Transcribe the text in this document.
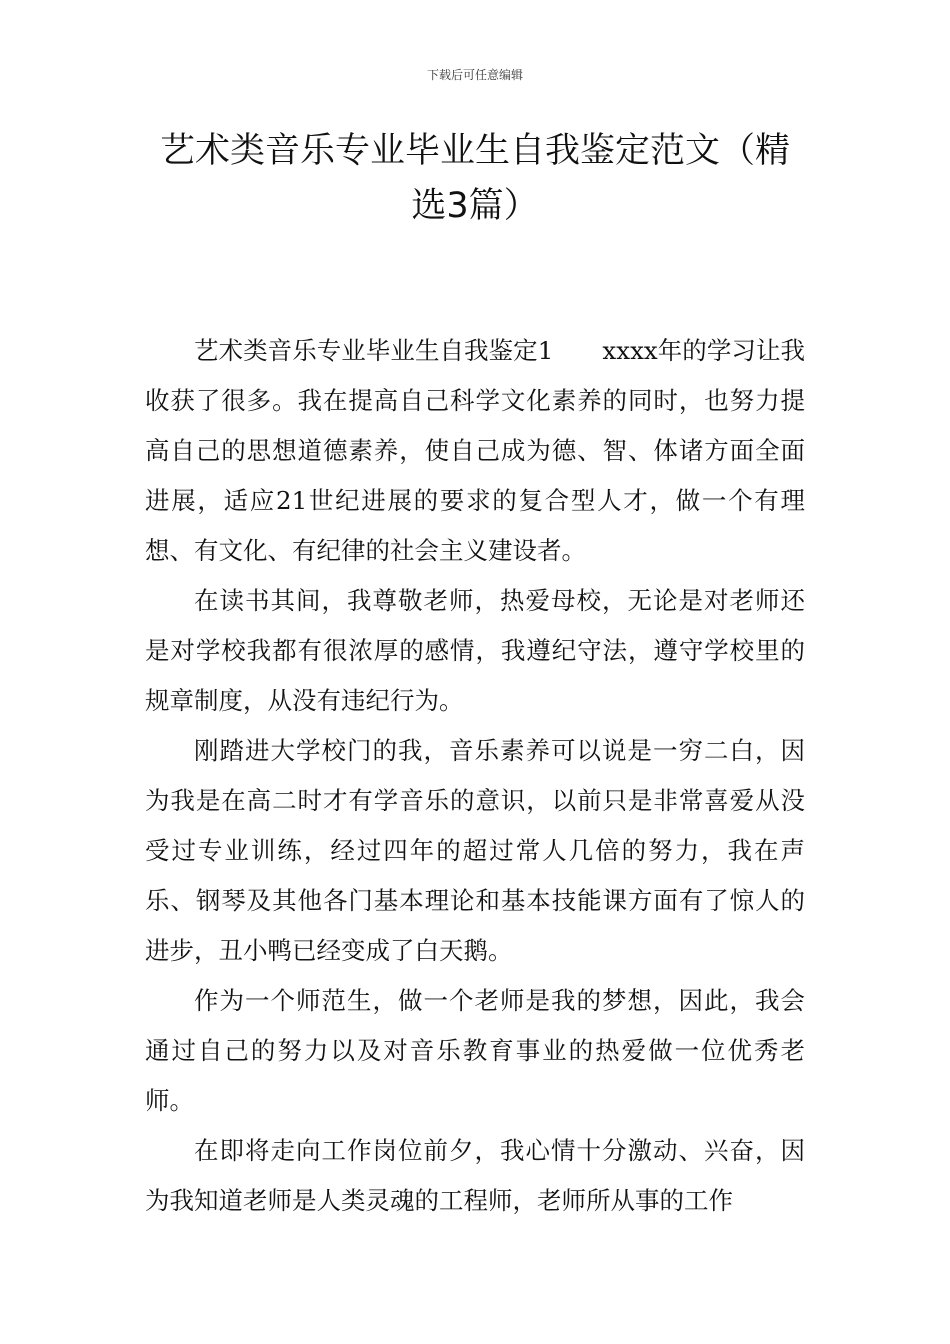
下载后可任意编辑
艺术类音乐专业毕业生自我鉴定范文（精选3篇）

艺术类音乐专业毕业生自我鉴定1　　xxxx年的学习让我收获了很多。我在提高自己科学文化素养的同时，也努力提高自己的思想道德素养，使自己成为德、智、体诸方面全面进展，适应21世纪进展的要求的复合型人才，做一个有理想、有文化、有纪律的社会主义建设者。

在读书其间，我尊敬老师，热爱母校，无论是对老师还是对学校我都有很浓厚的感情，我遵纪守法，遵守学校里的规章制度，从没有违纪行为。

刚踏进大学校门的我，音乐素养可以说是一穷二白，因为我是在高二时才有学音乐的意识，以前只是非常喜爱从没受过专业训练，经过四年的超过常人几倍的努力，我在声乐、钢琴及其他各门基本理论和基本技能课方面有了惊人的进步，丑小鸭已经变成了白天鹅。

作为一个师范生，做一个老师是我的梦想，因此，我会通过自己的努力以及对音乐教育事业的热爱做一位优秀老师。

在即将走向工作岗位前夕，我心情十分激动、兴奋，因为我知道老师是人类灵魂的工程师，老师所从事的工作
